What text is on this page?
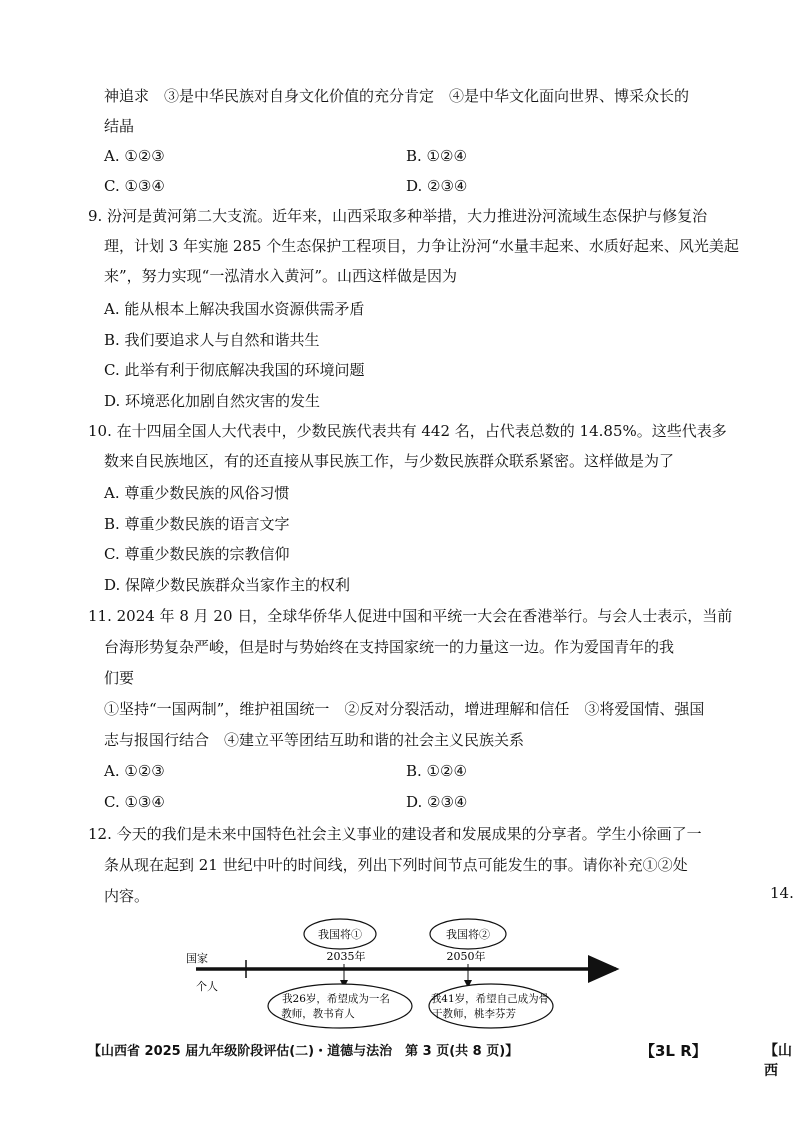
神追求　③是中华民族对自身文化价值的充分肯定　④是中华文化面向世界、博采众长的
结晶
A. ①②③	B. ①②④
C. ①③④	D. ②③④
9. 汾河是黄河第二大支流。近年来，山西采取多种举措，大力推进汾河流域生态保护与修复治
理，计划 3 年实施 285 个生态保护工程项目，力争让汾河“水量丰起来、水质好起来、风光美起
来”，努力实现“一泓清水入黄河”。山西这样做是因为
A. 能从根本上解决我国水资源供需矛盾
B. 我们要追求人与自然和谐共生
C. 此举有利于彻底解决我国的环境问题
D. 环境恶化加剧自然灾害的发生
10. 在十四届全国人大代表中，少数民族代表共有 442 名，占代表总数的 14.85%。这些代表多
数来自民族地区，有的还直接从事民族工作，与少数民族群众联系紧密。这样做是为了
A. 尊重少数民族的风俗习惯
B. 尊重少数民族的语言文字
C. 尊重少数民族的宗教信仰
D. 保障少数民族群众当家作主的权利
11. 2024 年 8 月 20 日，全球华侨华人促进中国和平统一大会在香港举行。与会人士表示，当前
台海形势复杂严峻，但是时与势始终在支持国家统一的力量这一边。作为爱国青年的我
们要
①坚持“一国两制”，维护祖国统一　②反对分裂活动，增进理解和信任　③将爱国情、强国
志与报国行结合　④建立平等团结互助和谐的社会主义民族关系
A. ①②③	B. ①②④
C. ①③④	D. ②③④
12. 今天的我们是未来中国特色社会主义事业的建设者和发展成果的分享者。学生小徐画了一
条从现在起到 21 世纪中叶的时间线，列出下列时间节点可能发生的事。请你补充①②处
内容。	14.
国家
个人
我国将①	我国将②
2035年	2050年
我26岁，希望成为一名
教师，教书育人
我41岁，希望自己成为骨
干教师，桃李芬芳
【山西省 2025 届九年级阶段评估(二)・道德与法治　第 3 页(共 8 页)】	【3L R】	【山西
